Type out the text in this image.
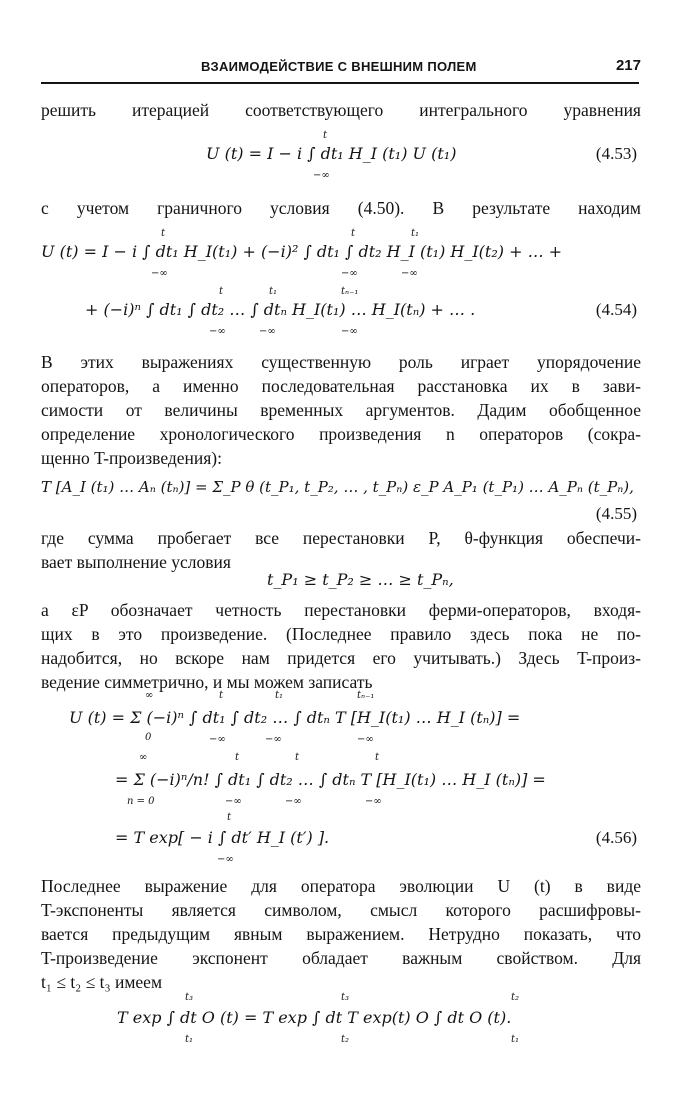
ВЗАИМОДЕЙСТВИЕ С ВНЕШНИМ ПОЛЕМ	217
решить итерацией соответствующего интегрального уравнения
t
U (t) = I − i ∫ dt₁ H_I (t₁) U (t₁)
−∞
(4.53)
с учетом граничного условия (4.50). В результате находим
t	t	t₁
U (t) = I − i ∫ dt₁ H_I(t₁) + (−i)² ∫ dt₁ ∫ dt₂ H_I (t₁) H_I(t₂) + … +
−∞	−∞	−∞
t	t₁	tₙ₋₁
+ (−i)ⁿ ∫ dt₁ ∫ dt₂ … ∫ dtₙ H_I(t₁) … H_I(tₙ) + … .
−∞	−∞	−∞
(4.54)
В этих выражениях существенную роль играет упорядочение
операторов, а именно последовательная расстановка их в зави-
симости от величины временных аргументов. Дадим обобщенное
определение хронологического произведения n операторов (сокра-
щенно T-произведения):
T [A_I (t₁) … Aₙ (tₙ)] = Σ_P θ (t_P₁, t_P₂, … , t_Pₙ) ε_P A_P₁ (t_P₁) … A_Pₙ (t_Pₙ),
(4.55)
где сумма пробегает все перестановки P, θ-функция обеспечи-
вает выполнение условия
t_P₁ ≥ t_P₂ ≥ … ≥ t_Pₙ,
а εP обозначает четность перестановки ферми-операторов, входя-
щих в это произведение. (Последнее правило здесь пока не по-
надобится, но вскоре нам придется его учитывать.) Здесь T-произ-
ведение симметрично, и мы можем записать
∞	t	t₁	tₙ₋₁
U (t) = Σ (−i)ⁿ ∫ dt₁ ∫ dt₂ … ∫ dtₙ T [H_I(t₁) … H_I (tₙ)] =
0	−∞	−∞	−∞
∞	t	t	t
= Σ (−i)ⁿ/n! ∫ dt₁ ∫ dt₂ … ∫ dtₙ T [H_I(t₁) … H_I (tₙ)] =
n = 0	−∞	−∞	−∞
t
= T exp[ − i ∫ dt′ H_I (t′) ].
−∞
(4.56)
Последнее выражение для оператора эволюции U (t) в виде
T-экспоненты является символом, смысл которого расшифровы-
вается предыдущим явным выражением. Нетрудно показать, что
T-произведение экспонент обладает важным свойством. Для
t₁ ≤ t₂ ≤ t₃ имеем
t₃	t₃	t₂
T exp ∫ dt O (t) = T exp ∫ dt T exp(t) O ∫ dt O (t).
t₁	t₂	t₁
